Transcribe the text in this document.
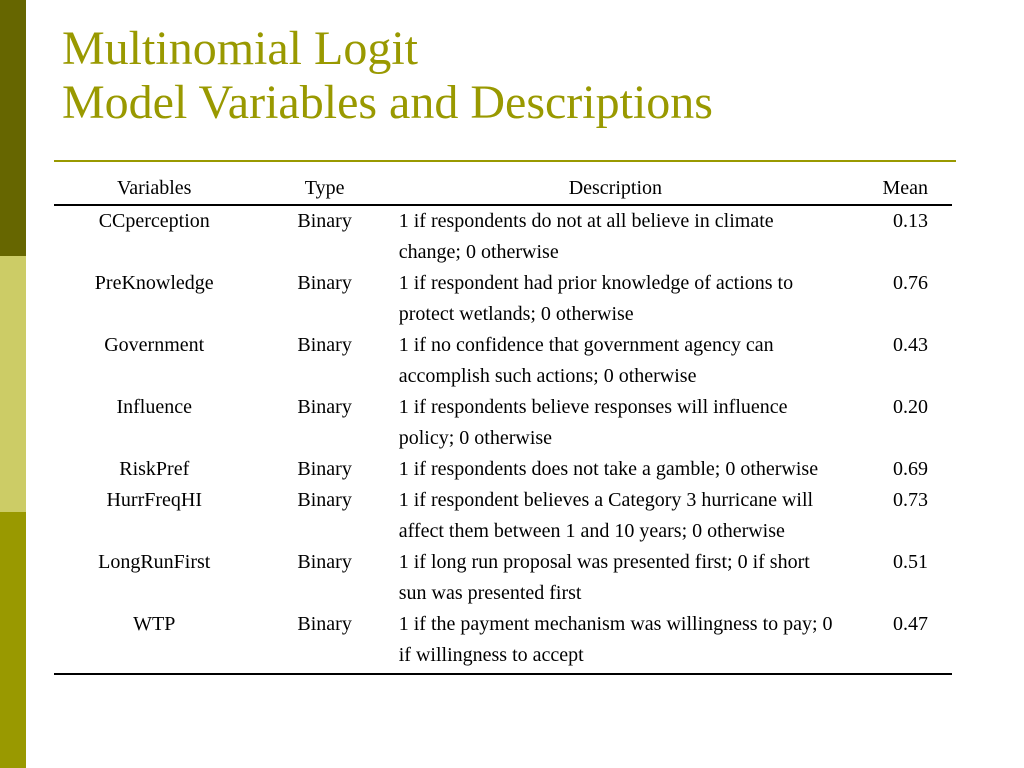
Multinomial Logit
Model Variables and Descriptions
Variables	Type	Description	Mean
CCperception	Binary	1 if respondents do not at all believe in climate change; 0 otherwise	0.13
PreKnowledge	Binary	1 if respondent had prior knowledge of actions to protect wetlands; 0 otherwise	0.76
Government	Binary	1 if no confidence that government agency can accomplish such actions; 0 otherwise	0.43
Influence	Binary	1 if respondents believe responses will influence policy; 0 otherwise	0.20
RiskPref	Binary	1 if respondents does not take a gamble; 0 otherwise	0.69
HurrFreqHI	Binary	1 if respondent believes a Category 3 hurricane will affect them between 1 and 10 years; 0 otherwise	0.73
LongRunFirst	Binary	1 if long run proposal was presented first; 0 if short sun was presented first	0.51
WTP	Binary	1 if the payment mechanism was willingness to pay; 0 if willingness to accept	0.47
